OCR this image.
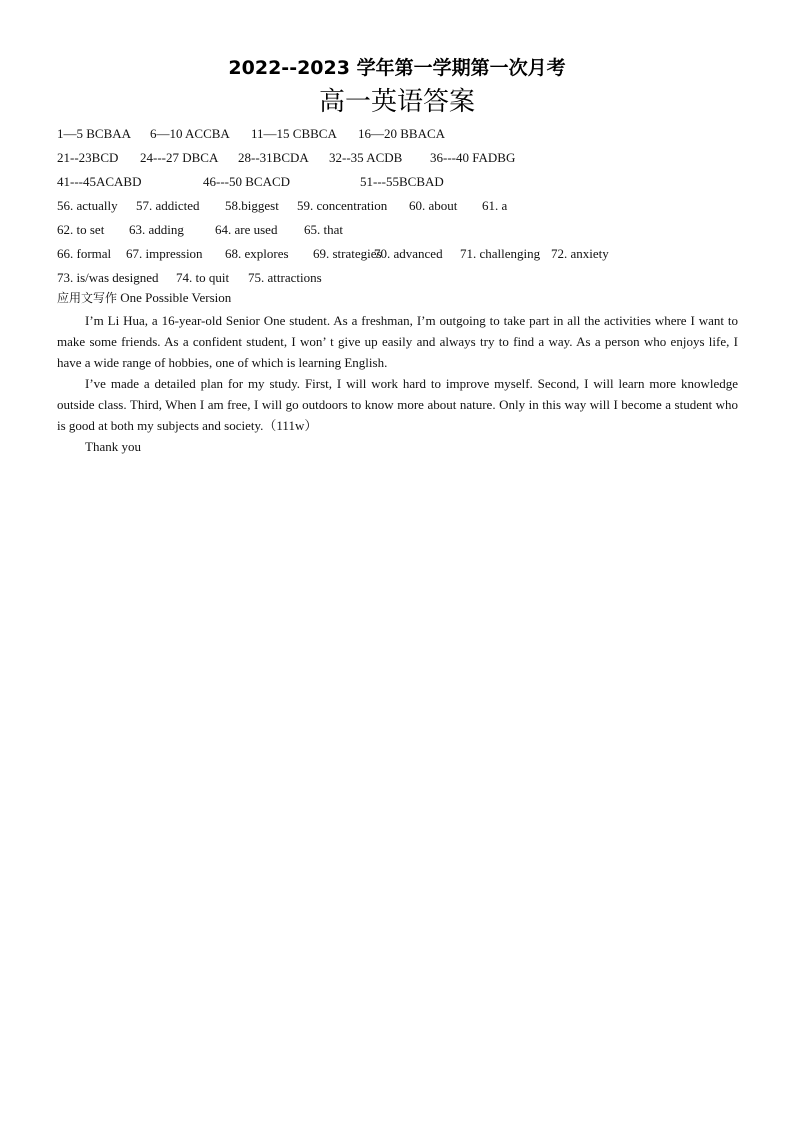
2022--2023 学年第一学期第一次月考
高一英语答案
1—5 BCBAA 6—10 ACCBA 11—15 CBBCA 16—20 BBACA
21--23BCD 24---27 DBCA 28--31BCDA 32--35 ACDB 36---40 FADBG
41---45ACABD	46---50 BCACD	51---55BCBAD
56. actually 57. addicted 58.biggest 59. concentration 60. about 61. a
62. to set 63. adding 64. are used 65. that
66. formal 67. impression 68. explores 69. strategies
70. advanced 71. challenging 72. anxiety
73. is/was designed 74. to quit 75. attractions
应用文写作 One Possible Version

I’m Li Hua, a 16-year-old Senior One student. As a freshman, I’m outgoing to take part in all the activities where I want to make some friends. As a confident student, I won’ t give up easily and always try to find a way. As a person who enjoys life, I have a wide range of hobbies, one of which is learning English.

I’ve made a detailed plan for my study. First, I will work hard to improve myself. Second, I will learn more knowledge outside class. Third, When I am free, I will go outdoors to know more about nature. Only in this way will I become a student who is good at both my subjects and society.（111w）

Thank you
